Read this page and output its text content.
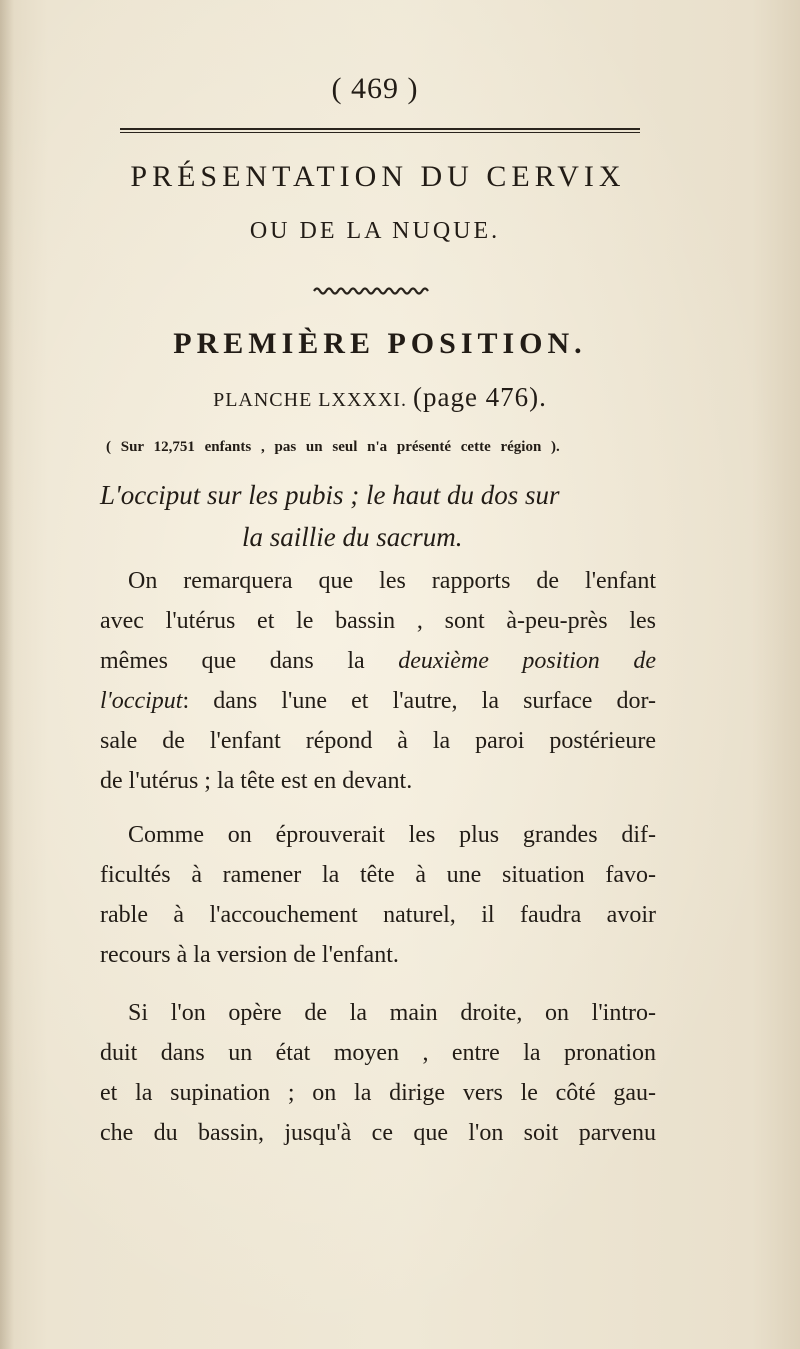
( 469 )
PRÉSENTATION DU CERVIX
OU DE LA NUQUE.
PREMIÈRE POSITION.
PLANCHE LXXXXI. (page 476).
( Sur 12,751 enfants , pas un seul n'a présenté cette région ).
L'occiput sur les pubis ; le haut du dos sur
la saillie du sacrum.
On remarquera que les rapports de l'enfant
avec l'utérus et le bassin , sont à-peu-près les
mêmes que dans la deuxième position de
l'occiput: dans l'une et l'autre, la surface dor-
sale de l'enfant répond à la paroi postérieure
de l'utérus ; la tête est en devant.
Comme on éprouverait les plus grandes dif-
ficultés à ramener la tête à une situation favo-
rable à l'accouchement naturel, il faudra avoir
recours à la version de l'enfant.
Si l'on opère de la main droite, on l'intro-
duit dans un état moyen , entre la pronation
et la supination ; on la dirige vers le côté gau-
che du bassin, jusqu'à ce que l'on soit parvenu
